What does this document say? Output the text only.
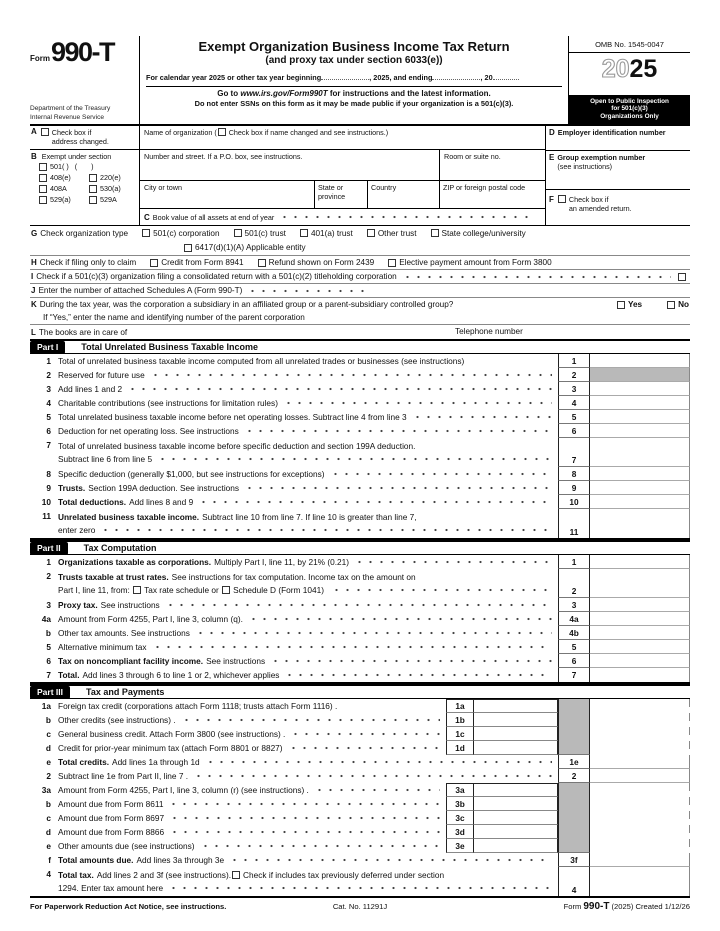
Form 990-T
Department of the Treasury
Internal Revenue Service
Exempt Organization Business Income Tax Return
(and proxy tax under section 6033(e))
For calendar year 2025 or other tax year beginning	, 2025, and ending	, 20
Go to www.irs.gov/Form990T for instructions and the latest information.
Do not enter SSNs on this form as it may be made public if your organization is a 501(c)(3).
OMB No. 1545-0047
2025
Open to Public Inspection
for 501(c)(3)
Organizations Only
A Check box if
address changed.
B Exempt under section
501( )( )
408(e)	220(e)
408A	530(a)
529(a)	529A
Name of organization ( Check box if name changed and see instructions.)
Number and street. If a P.O. box, see instructions.	Room or suite no.
City or town	State or province
Country	ZIP or foreign postal code
C Book value of all assets at end of year
D Employer identification number
E Group exemption number
(see instructions)
F Check box if
an amended return.
G Check organization type	501(c) corporation	501(c) trust	401(a) trust	Other trust	State college/university
6417(d)(1)(A) Applicable entity
H Check if filing only to claim	Credit from Form 8941	Refund shown on Form 2439	Elective payment amount from Form 3800
I Check if a 501(c)(3) organization filing a consolidated return with a 501(c)(2) titleholding corporation
J Enter the number of attached Schedules A (Form 990-T)
K During the tax year, was the corporation a subsidiary in an affiliated group or a parent-subsidiary controlled group?	Yes	No
If “Yes,” enter the name and identifying number of the parent corporation
L The books are in care of	Telephone number
Part I	Total Unrelated Business Taxable Income
1 Total of unrelated business taxable income computed from all unrelated trades or businesses (see instructions)	1
2 Reserved for future use	2
3 Add lines 1 and 2	3
4 Charitable contributions (see instructions for limitation rules)	4
5 Total unrelated business taxable income before net operating losses. Subtract line 4 from line 3	5
6 Deduction for net operating loss. See instructions	6
7 Total of unrelated business taxable income before specific deduction and section 199A deduction.
Subtract line 6 from line 5	7
8 Specific deduction (generally $1,000, but see instructions for exceptions)	8
9 Trusts. Section 199A deduction. See instructions	9
10 Total deductions. Add lines 8 and 9	10
11 Unrelated business taxable income. Subtract line 10 from line 7. If line 10 is greater than line 7,
enter zero	11
Part II	Tax Computation
1 Organizations taxable as corporations. Multiply Part I, line 11, by 21% (0.21)	1
2 Trusts taxable at trust rates. See instructions for tax computation. Income tax on the amount on
Part I, line 11, from:
Tax rate schedule or
Schedule D (Form 1041)
	2
3 Proxy tax. See instructions	3
4a Amount from Form 4255, Part I, line 3, column (q).	4a
b Other tax amounts. See instructions	4b
5 Alternative minimum tax	5
6 Tax on noncompliant facility income. See instructions	6
7 Total. Add lines 3 through 6 to line 1 or 2, whichever applies	7
Part III	Tax and Payments
1a Foreign tax credit (corporations attach Form 1118; trusts attach Form 1116) .	1a
b Other credits (see instructions) .	1b
c General business credit. Attach Form 3800 (see instructions) .	1c
d Credit for prior-year minimum tax (attach Form 8801 or 8827)	1d
e Total credits. Add lines 1a through 1d	1e
2 Subtract line 1e from Part II, line 7 .	2
3a Amount from Form 4255, Part I, line 3, column (r) (see instructions) .	3a
b Amount due from Form 8611	3b
c Amount due from Form 8697	3c
d Amount due from Form 8866	3d
e Other amounts due (see instructions)	3e
f Total amounts due. Add lines 3a through 3e	3f
4 Total tax. Add lines 2 and 3f (see instructions). Check if includes tax previously deferred under section
1294. Enter tax amount here	4
For Paperwork Reduction Act Notice, see instructions.	Cat. No. 11291J	Form 990-T (2025) Created 1/12/26
